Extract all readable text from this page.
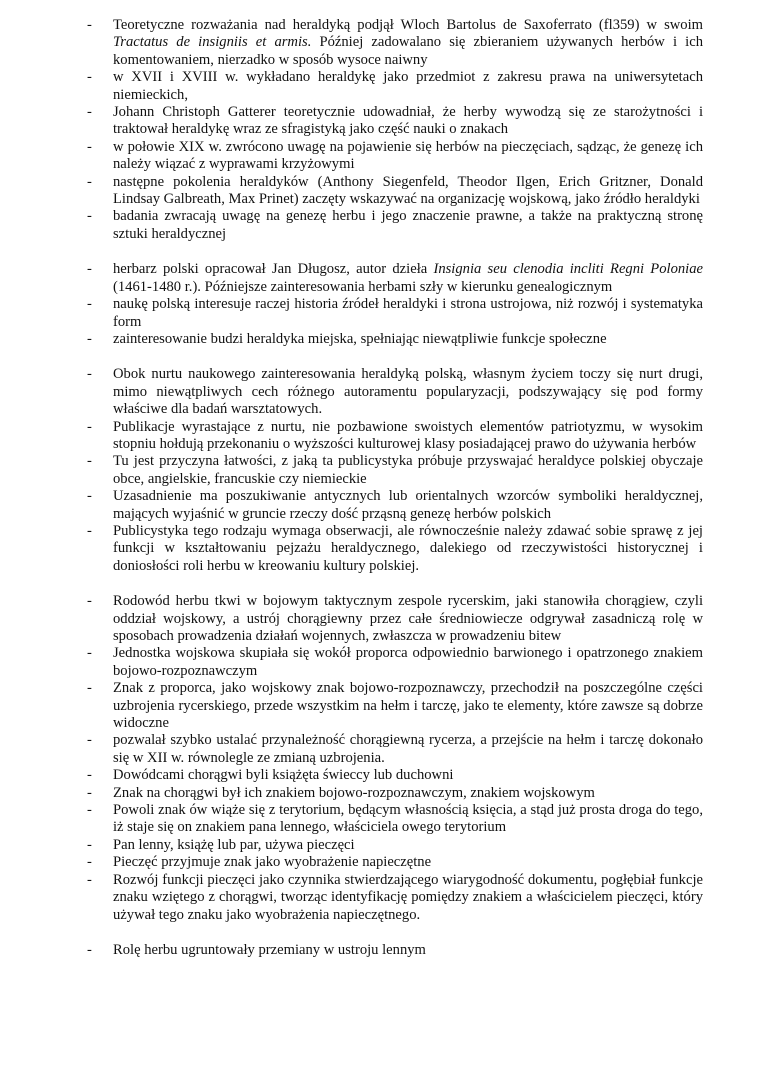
- Teoretyczne rozważania nad heraldyką podjął Wloch Bartolus de Saxoferrato (fl359) w swoim Tractatus de insigniis et armis. Później zadowalano się zbieraniem używanych herbów i ich komentowaniem, nierzadko w sposób wysoce naiwny
- w XVII i XVIII w. wykładano heraldykę jako przedmiot z zakresu prawa na uniwersytetach niemieckich,
- Johann Christoph Gatterer teoretycznie udowadniał, że herby wywodzą się ze starożytności i traktował heraldykę wraz ze sfragistyką jako część nauki o znakach
- w połowie XIX w. zwrócono uwagę na pojawienie się herbów na pieczęciach, sądząc, że genezę ich należy wiązać z wyprawami krzyżowymi
- następne pokolenia heraldyków (Anthony Siegenfeld, Theodor Ilgen, Erich Gritzner, Donald Lindsay Galbreath, Max Prinet) zaczęty wskazywać na organizację wojskową, jako źródło heraldyki
- badania zwracają uwagę na genezę herbu i jego znaczenie prawne, a także na praktyczną stronę sztuki heraldycznej
- herbarz polski opracował Jan Długosz, autor dzieła Insignia seu clenodia incliti Regni Poloniae (1461-1480 r.). Późniejsze zainteresowania herbami szły w kierunku genealogicznym
- naukę polską interesuje raczej historia źródeł heraldyki i strona ustrojowa, niż rozwój i systematyka form
- zainteresowanie budzi heraldyka miejska, spełniając niewątpliwie funkcje społeczne
- Obok nurtu naukowego zainteresowania heraldyką polską, własnym życiem toczy się nurt drugi, mimo niewątpliwych cech różnego autoramentu popularyzacji, podszywający się pod formy właściwe dla badań warsztatowych.
- Publikacje wyrastające z nurtu, nie pozbawione swoistych elementów patriotyzmu, w wysokim stopniu hołdują przekonaniu o wyższości kulturowej klasy posiadającej prawo do używania herbów
- Tu jest przyczyna łatwości, z jaką ta publicystyka próbuje przyswajać heraldyce polskiej obyczaje obce, angielskie, francuskie czy niemieckie
- Uzasadnienie ma poszukiwanie antycznych lub orientalnych wzorców symboliki heraldycznej, mających wyjaśnić w gruncie rzeczy dość prząsną genezę herbów polskich
- Publicystyka tego rodzaju wymaga obserwacji, ale równocześnie należy zdawać sobie sprawę z jej funkcji w kształtowaniu pejzażu heraldycznego, dalekiego od rzeczywistości historycznej i doniosłości roli herbu w kreowaniu kultury polskiej.
- Rodowód herbu tkwi w bojowym taktycznym zespole rycerskim, jaki stanowiła chorągiew, czyli oddział wojskowy, a ustrój chorągiewny przez całe średniowiecze odgrywał zasadniczą rolę w sposobach prowadzenia działań wojennych, zwłaszcza w prowadzeniu bitew
- Jednostka wojskowa skupiała się wokół proporca odpowiednio barwionego i opatrzonego znakiem bojowo-rozpoznawczym
- Znak z proporca, jako wojskowy znak bojowo-rozpoznawczy, przechodził na poszczególne części uzbrojenia rycerskiego, przede wszystkim na hełm i tarczę, jako te elementy, które zawsze są dobrze widoczne
- pozwalał szybko ustalać przynależność chorągiewną rycerza, a przejście na hełm i tarczę dokonało się w XII w. równolegle ze zmianą uzbrojenia.
- Dowódcami chorągwi byli książęta świeccy lub duchowni
- Znak na chorągwi był ich znakiem bojowo-rozpoznawczym, znakiem wojskowym
- Powoli znak ów wiąże się z terytorium, będącym własnością księcia, a stąd już prosta droga do tego, iż staje się on znakiem pana lennego, właściciela owego terytorium
- Pan lenny, książę lub par, używa pieczęci
- Pieczęć przyjmuje znak jako wyobrażenie napieczętne
- Rozwój funkcji pieczęci jako czynnika stwierdzającego wiarygodność dokumentu, pogłębiał funkcje znaku wziętego z chorągwi, tworząc identyfikację pomiędzy znakiem a właścicielem pieczęci, który używał tego znaku jako wyobrażenia napieczętnego.
- Rolę herbu ugruntowały przemiany w ustroju lennym
